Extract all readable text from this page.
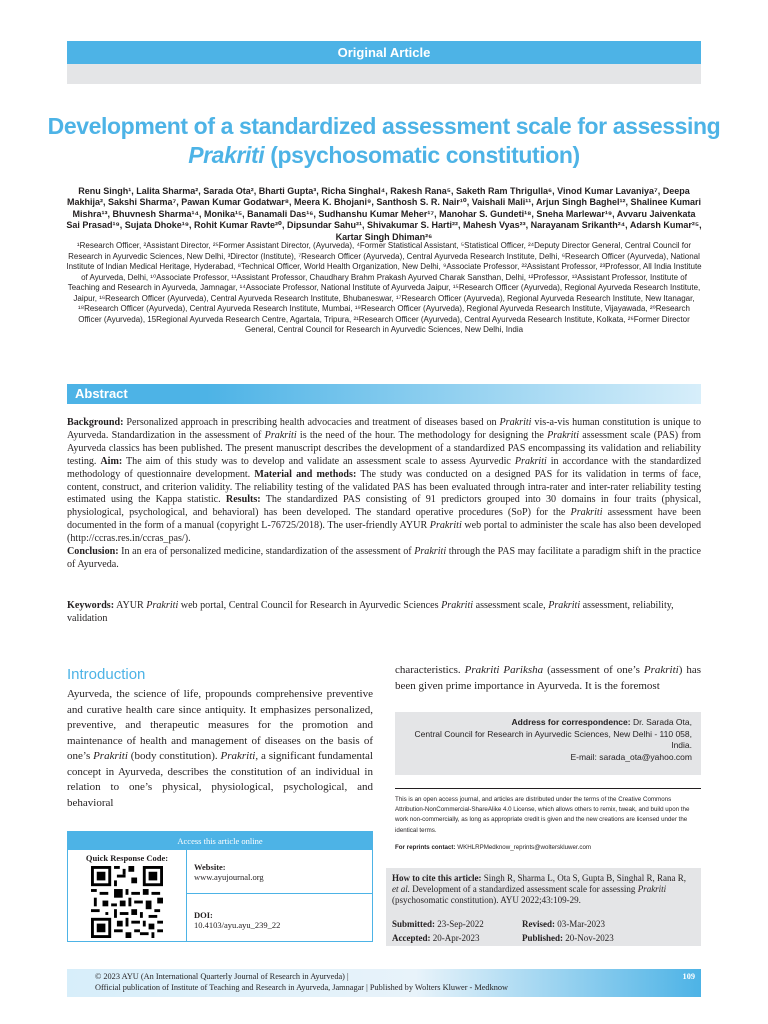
Original Article
Development of a standardized assessment scale for assessing
Prakriti (psychosomatic constitution)
Renu Singh¹, Lalita Sharma², Sarada Ota², Bharti Gupta³, Richa Singhal⁴, Rakesh Rana⁵, Saketh Ram Thrigulla⁶, Vinod Kumar Lavaniya⁷, Deepa Makhija², Sakshi Sharma⁷, Pawan Kumar Godatwar⁸, Meera K. Bhojani⁹, Santhosh S. R. Nair¹⁰, Vaishali Mali¹¹, Arjun Singh Baghel¹², Shalinee Kumari Mishra¹³, Bhuvnesh Sharma¹⁴, Monika¹⁵, Banamali Das¹⁶, Sudhanshu Kumar Meher¹⁷, Manohar S. Gundeti¹⁸, Sneha Marlewar¹⁹, Avvaru Jaivenkata Sai Prasad¹⁹, Sujata Dhoke¹⁹, Rohit Kumar Ravte²⁰, Dipsundar Sahu²¹, Shivakumar S. Harti²², Mahesh Vyas²³, Narayanam Srikanth²⁴, Adarsh Kumar²⁵, Kartar Singh Dhiman²⁶
¹Research Officer, ²Assistant Director, ²⁵Former Assistant Director, (Ayurveda), ⁴Former Statistical Assistant, ⁵Statistical Officer, ²⁴Deputy Director General, Central Council for Research in Ayurvedic Sciences, New Delhi, ³Director (Institute), ⁷Research Officer (Ayurveda), Central Ayurveda Research Institute, Delhi, ⁶Research Officer (Ayurveda), National Institute of Indian Medical Heritage, Hyderabad, ⁸Technical Officer, World Health Organization, New Delhi, ⁹Associate Professor, ²²Assistant Professor, ²³Professor, All India Institute of Ayurveda, Delhi, ¹⁰Associate Professor, ¹¹Assistant Professor, Chaudhary Brahm Prakash Ayurved Charak Sansthan, Delhi, ¹²Professor, ¹³Assistant Professor, Institute of Teaching and Research in Ayurveda, Jamnagar, ¹⁴Associate Professor, National Institute of Ayurveda Jaipur, ¹⁵Research Officer (Ayurveda), Regional Ayurveda Research Institute, Jaipur, ¹⁶Research Officer (Ayurveda), Central Ayurveda Research Institute, Bhubaneswar, ¹⁷Research Officer (Ayurveda), Regional Ayurveda Research Institute, New Itanagar, ¹⁸Research Officer (Ayurveda), Central Ayurveda Research Institute, Mumbai, ¹⁹Research Officer (Ayurveda), Regional Ayurveda Research Institute, Vijayawada, ²⁰Research Officer (Ayurveda), 15Regional Ayurveda Research Centre, Agartala, Tripura, ²¹Research Officer (Ayurveda), Central Ayurveda Research Institute, Kolkata, ²⁶Former Director General, Central Council for Research in Ayurvedic Sciences, New Delhi, India
Abstract
Background: Personalized approach in prescribing health advocacies and treatment of diseases based on Prakriti vis-a-vis human constitution is unique to Ayurveda. Standardization in the assessment of Prakriti is the need of the hour. The methodology for designing the Prakriti assessment scale (PAS) from Ayurveda classics has been published. The present manuscript describes the development of a standardized PAS encompassing its validation and reliability testing. Aim: The aim of this study was to develop and validate an assessment scale to assess Ayurvedic Prakriti in accordance with the standardized methodology of questionnaire development. Material and methods: The study was conducted on a designed PAS for its validation in terms of face, content, construct, and criterion validity. The reliability testing of the validated PAS has been evaluated through intra-rater and inter-rater reliability testing estimated using the Kappa statistic. Results: The standardized PAS consisting of 91 predictors grouped into 30 domains in four traits (physical, physiological, psychological, and behavioral) has been developed. The standard operative procedures (SoP) for the Prakriti assessment have been documented in the form of a manual (copyright L-76725/2018). The user-friendly AYUR Prakriti web portal to administer the scale has also been developed (http://ccras.res.in/ccras_pas/).
Conclusion: In an era of personalized medicine, standardization of the assessment of Prakriti through the PAS may facilitate a paradigm shift in the practice of Ayurveda.
Keywords: AYUR Prakriti web portal, Central Council for Research in Ayurvedic Sciences Prakriti assessment scale, Prakriti assessment, reliability, validation
Introduction
Ayurveda, the science of life, propounds comprehensive preventive and curative health care since antiquity. It emphasizes personalized, preventive, and therapeutic measures for the promotion and maintenance of health and management of diseases on the basis of one’s Prakriti (body constitution). Prakriti, a significant fundamental concept in Ayurveda, describes the constitution of an individual in relation to one’s physical, physiological, psychological, and behavioral
characteristics. Prakriti Pariksha (assessment of one’s Prakriti) has been given prime importance in Ayurveda. It is the foremost
Address for correspondence: Dr. Sarada Ota,
Central Council for Research in Ayurvedic Sciences, New Delhi - 110 058,
India.
E-mail: sarada_ota@yahoo.com
This is an open access journal, and articles are distributed under the terms of the Creative Commons Attribution-NonCommercial-ShareAlike 4.0 License, which allows others to remix, tweak, and build upon the work non-commercially, as long as appropriate credit is given and the new creations are licensed under the identical terms.
For reprints contact: WKHLRPMedknow_reprints@wolterskluwer.com
How to cite this article: Singh R, Sharma L, Ota S, Gupta B, Singhal R, Rana R, et al. Development of a standardized assessment scale for assessing Prakriti (psychosomatic constitution). AYU 2022;43:109-29.
Submitted: 23-Sep-2022	Revised: 03-Mar-2023
Accepted: 20-Apr-2023	Published: 20-Nov-2023
Access this article online
Quick Response Code:
Website:
www.ayujournal.org
DOI:
10.4103/ayu.ayu_239_22
© 2023 AYU (An International Quarterly Journal of Research in Ayurveda) |
Official publication of Institute of Teaching and Research in Ayurveda, Jamnagar | Published by Wolters Kluwer - Medknow
109
